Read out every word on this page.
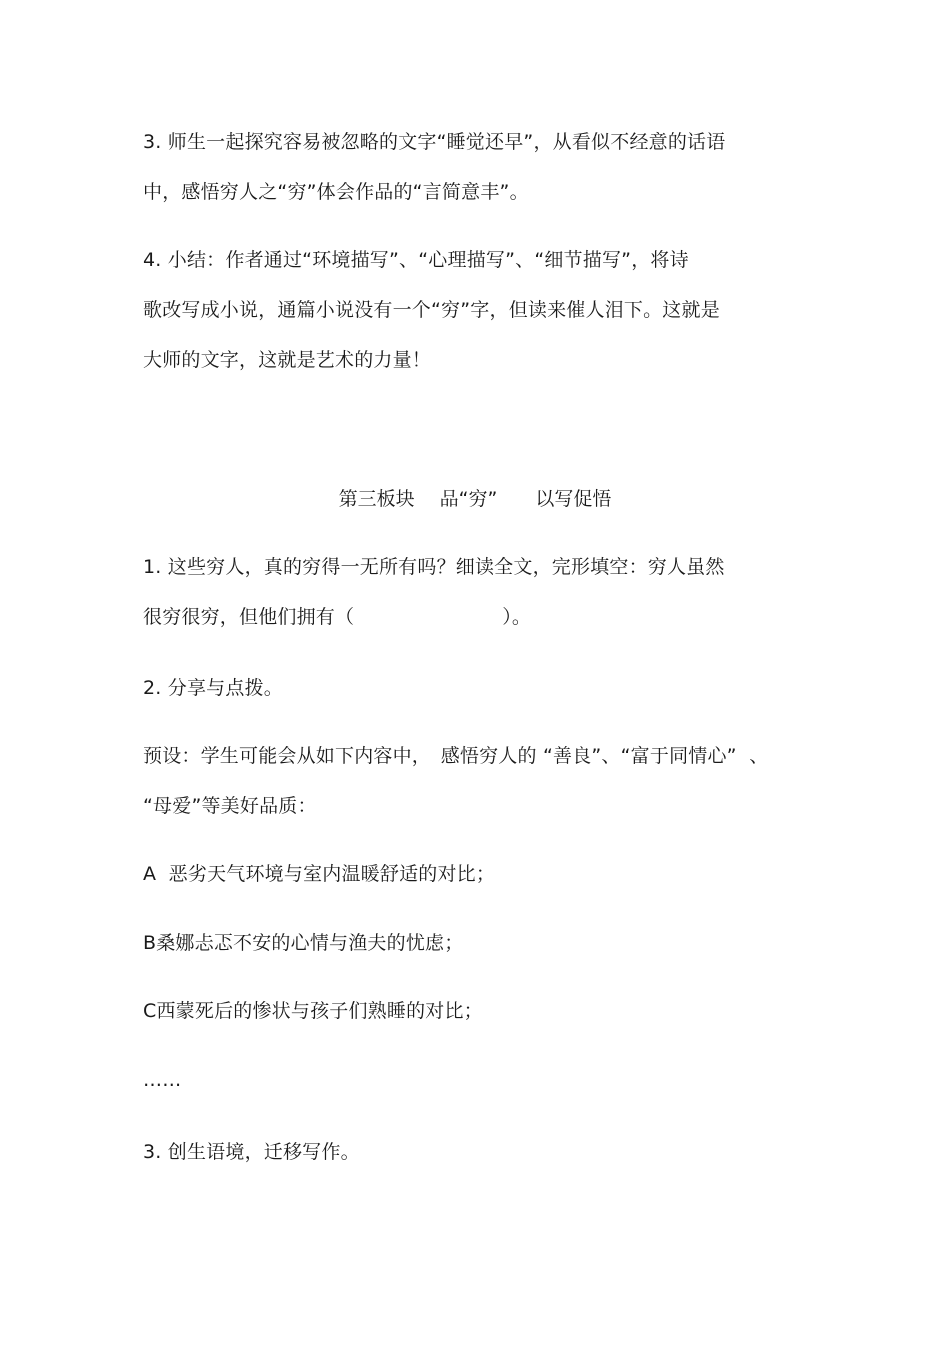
3. 师生一起探究容易被忽略的文字“睡觉还早”，从看似不经意的话语
中，感悟穷人之“穷”体会作品的“言简意丰”。
4. 小结：作者通过“环境描写”、“心理描写”、“细节描写”，将诗
歌改写成小说，通篇小说没有一个“穷”字，但读来催人泪下。这就是
大师的文字，这就是艺术的力量！
第三板块　 品“穷”　　以写促悟
1. 这些穷人，真的穷得一无所有吗？细读全文，完形填空：穷人虽然
很穷很穷，但他们拥有（	）。
2. 分享与点拨。
预设：学生可能会从如下内容中，　感悟穷人的 “善良”、“富于同情心”  、
“母爱”等美好品质：
A  恶劣天气环境与室内温暖舒适的对比；
B桑娜忐忑不安的心情与渔夫的忧虑；
C西蒙死后的惨状与孩子们熟睡的对比；
……
3. 创生语境，迁移写作。
